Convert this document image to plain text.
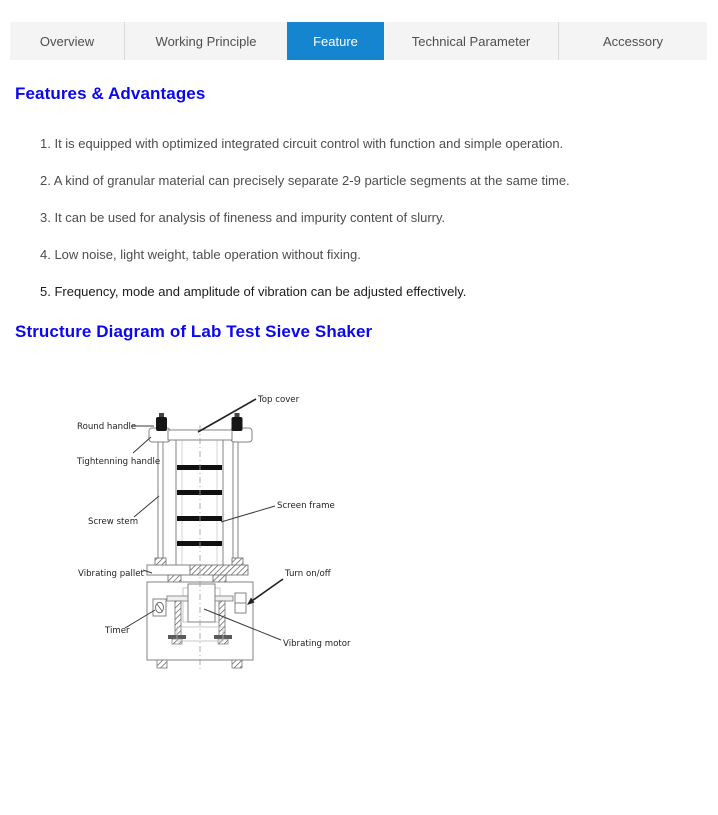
Overview	Working Principle	Feature	Technical Parameter	Accessory
Features & Advantages
1. It is equipped with optimized integrated circuit control with function and simple operation.
2. A kind of granular material can precisely separate 2-9 particle segments at the same time.
3. It can be used for analysis of fineness and impurity content of slurry.
4. Low noise, light weight, table operation without fixing.
5. Frequency, mode and amplitude of vibration can be adjusted effectively.
Structure Diagram of Lab Test Sieve Shaker
Top cover
Round handle
Tightenning handle
Screw stem
Screen frame
Vibrating pallet	Turn on/off
Timer
Vibrating motor
